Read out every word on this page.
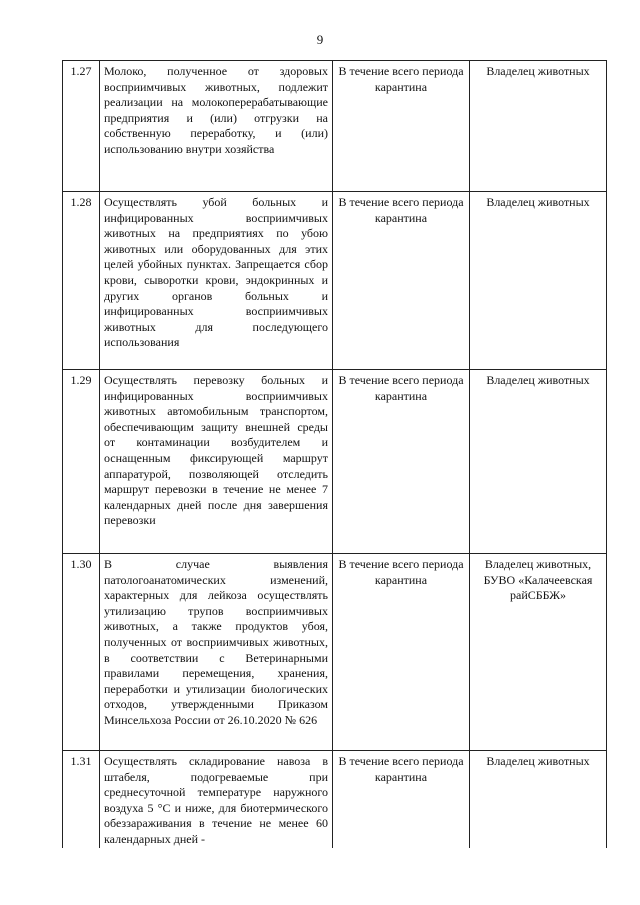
9
1.27	Молоко, полученное от здоровых восприимчивых животных, подлежит реализации на молокоперерабатывающие предприятия и (или) отгрузки на собственную переработку, и (или) использованию внутри хозяйства	В течение всего периода карантина	Владелец животных
1.28	Осуществлять убой больных и инфицированных восприимчивых животных на предприятиях по убою животных или оборудованных для этих целей убойных пунктах. Запрещается сбор крови, сыворотки крови, эндокринных и других органов больных и инфицированных восприимчивых животных для последующего использования	В течение всего периода карантина	Владелец животных
1.29	Осуществлять перевозку больных и инфицированных восприимчивых животных автомобильным транспортом, обеспечивающим защиту внешней среды от контаминации возбудителем и оснащенным фиксирующей маршрут аппаратурой, позволяющей отследить маршрут перевозки в течение не менее 7 календарных дней после дня завершения перевозки	В течение всего периода карантина	Владелец животных
1.30	В случае выявления патологоанатомических изменений, характерных для лейкоза осуществлять утилизацию трупов восприимчивых животных, а также продуктов убоя, полученных от восприимчивых животных, в соответствии с Ветеринарными правилами перемещения, хранения, переработки и утилизации биологических отходов, утвержденными Приказом Минсельхоза России от 26.10.2020 № 626	В течение всего периода карантина	Владелец животных, БУВО «Калачеевская райСББЖ»
1.31	Осуществлять складирование навоза в штабеля, подогреваемые при среднесуточной температуре наружного воздуха 5 °С и ниже, для биотермического обеззараживания в течение не менее 60 календарных дней -	В течение всего периода карантина	Владелец животных
